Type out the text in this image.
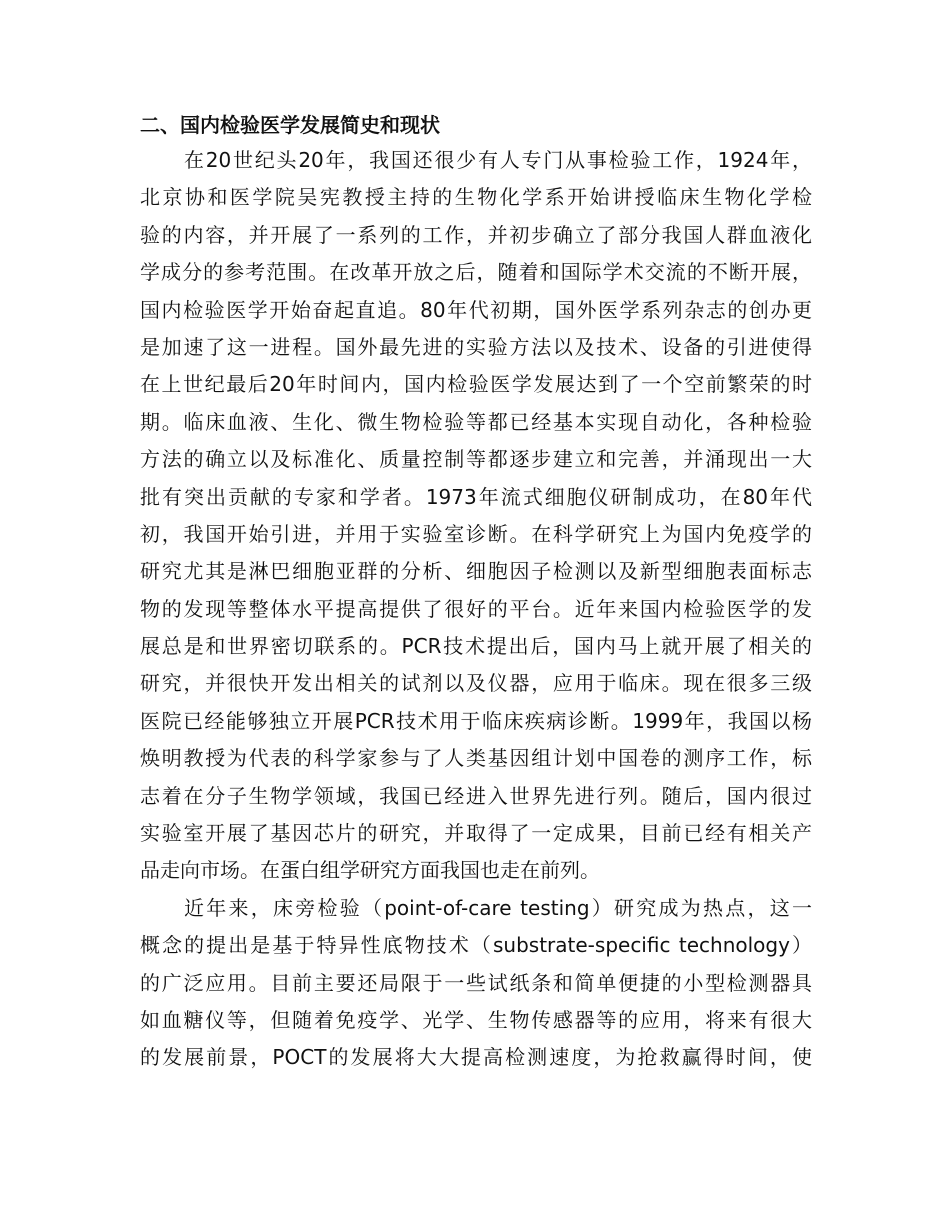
二、国内检验医学发展简史和现状
在20世纪头20年，我国还很少有人专门从事检验工作，1924年，
北京协和医学院吴宪教授主持的生物化学系开始讲授临床生物化学检
验的内容，并开展了一系列的工作，并初步确立了部分我国人群血液化
学成分的参考范围。在改革开放之后，随着和国际学术交流的不断开展，
国内检验医学开始奋起直追。80年代初期，国外医学系列杂志的创办更
是加速了这一进程。国外最先进的实验方法以及技术、设备的引进使得
在上世纪最后20年时间内，国内检验医学发展达到了一个空前繁荣的时
期。临床血液、生化、微生物检验等都已经基本实现自动化，各种检验
方法的确立以及标准化、质量控制等都逐步建立和完善，并涌现出一大
批有突出贡献的专家和学者。1973年流式细胞仪研制成功，在80年代
初，我国开始引进，并用于实验室诊断。在科学研究上为国内免疫学的
研究尤其是淋巴细胞亚群的分析、细胞因子检测以及新型细胞表面标志
物的发现等整体水平提高提供了很好的平台。近年来国内检验医学的发
展总是和世界密切联系的。PCR技术提出后，国内马上就开展了相关的
研究，并很快开发出相关的试剂以及仪器，应用于临床。现在很多三级
医院已经能够独立开展PCR技术用于临床疾病诊断。1999年，我国以杨
焕明教授为代表的科学家参与了人类基因组计划中国卷的测序工作，标
志着在分子生物学领域，我国已经进入世界先进行列。随后，国内很过
实验室开展了基因芯片的研究，并取得了一定成果，目前已经有相关产
品走向市场。在蛋白组学研究方面我国也走在前列。
近年来，床旁检验（point-of-care testing）研究成为热点，这一
概念的提出是基于特异性底物技术（substrate-specific technology）
的广泛应用。目前主要还局限于一些试纸条和简单便捷的小型检测器具
如血糖仪等，但随着免疫学、光学、生物传感器等的应用，将来有很大
的发展前景，POCT的发展将大大提高检测速度，为抢救赢得时间，使
